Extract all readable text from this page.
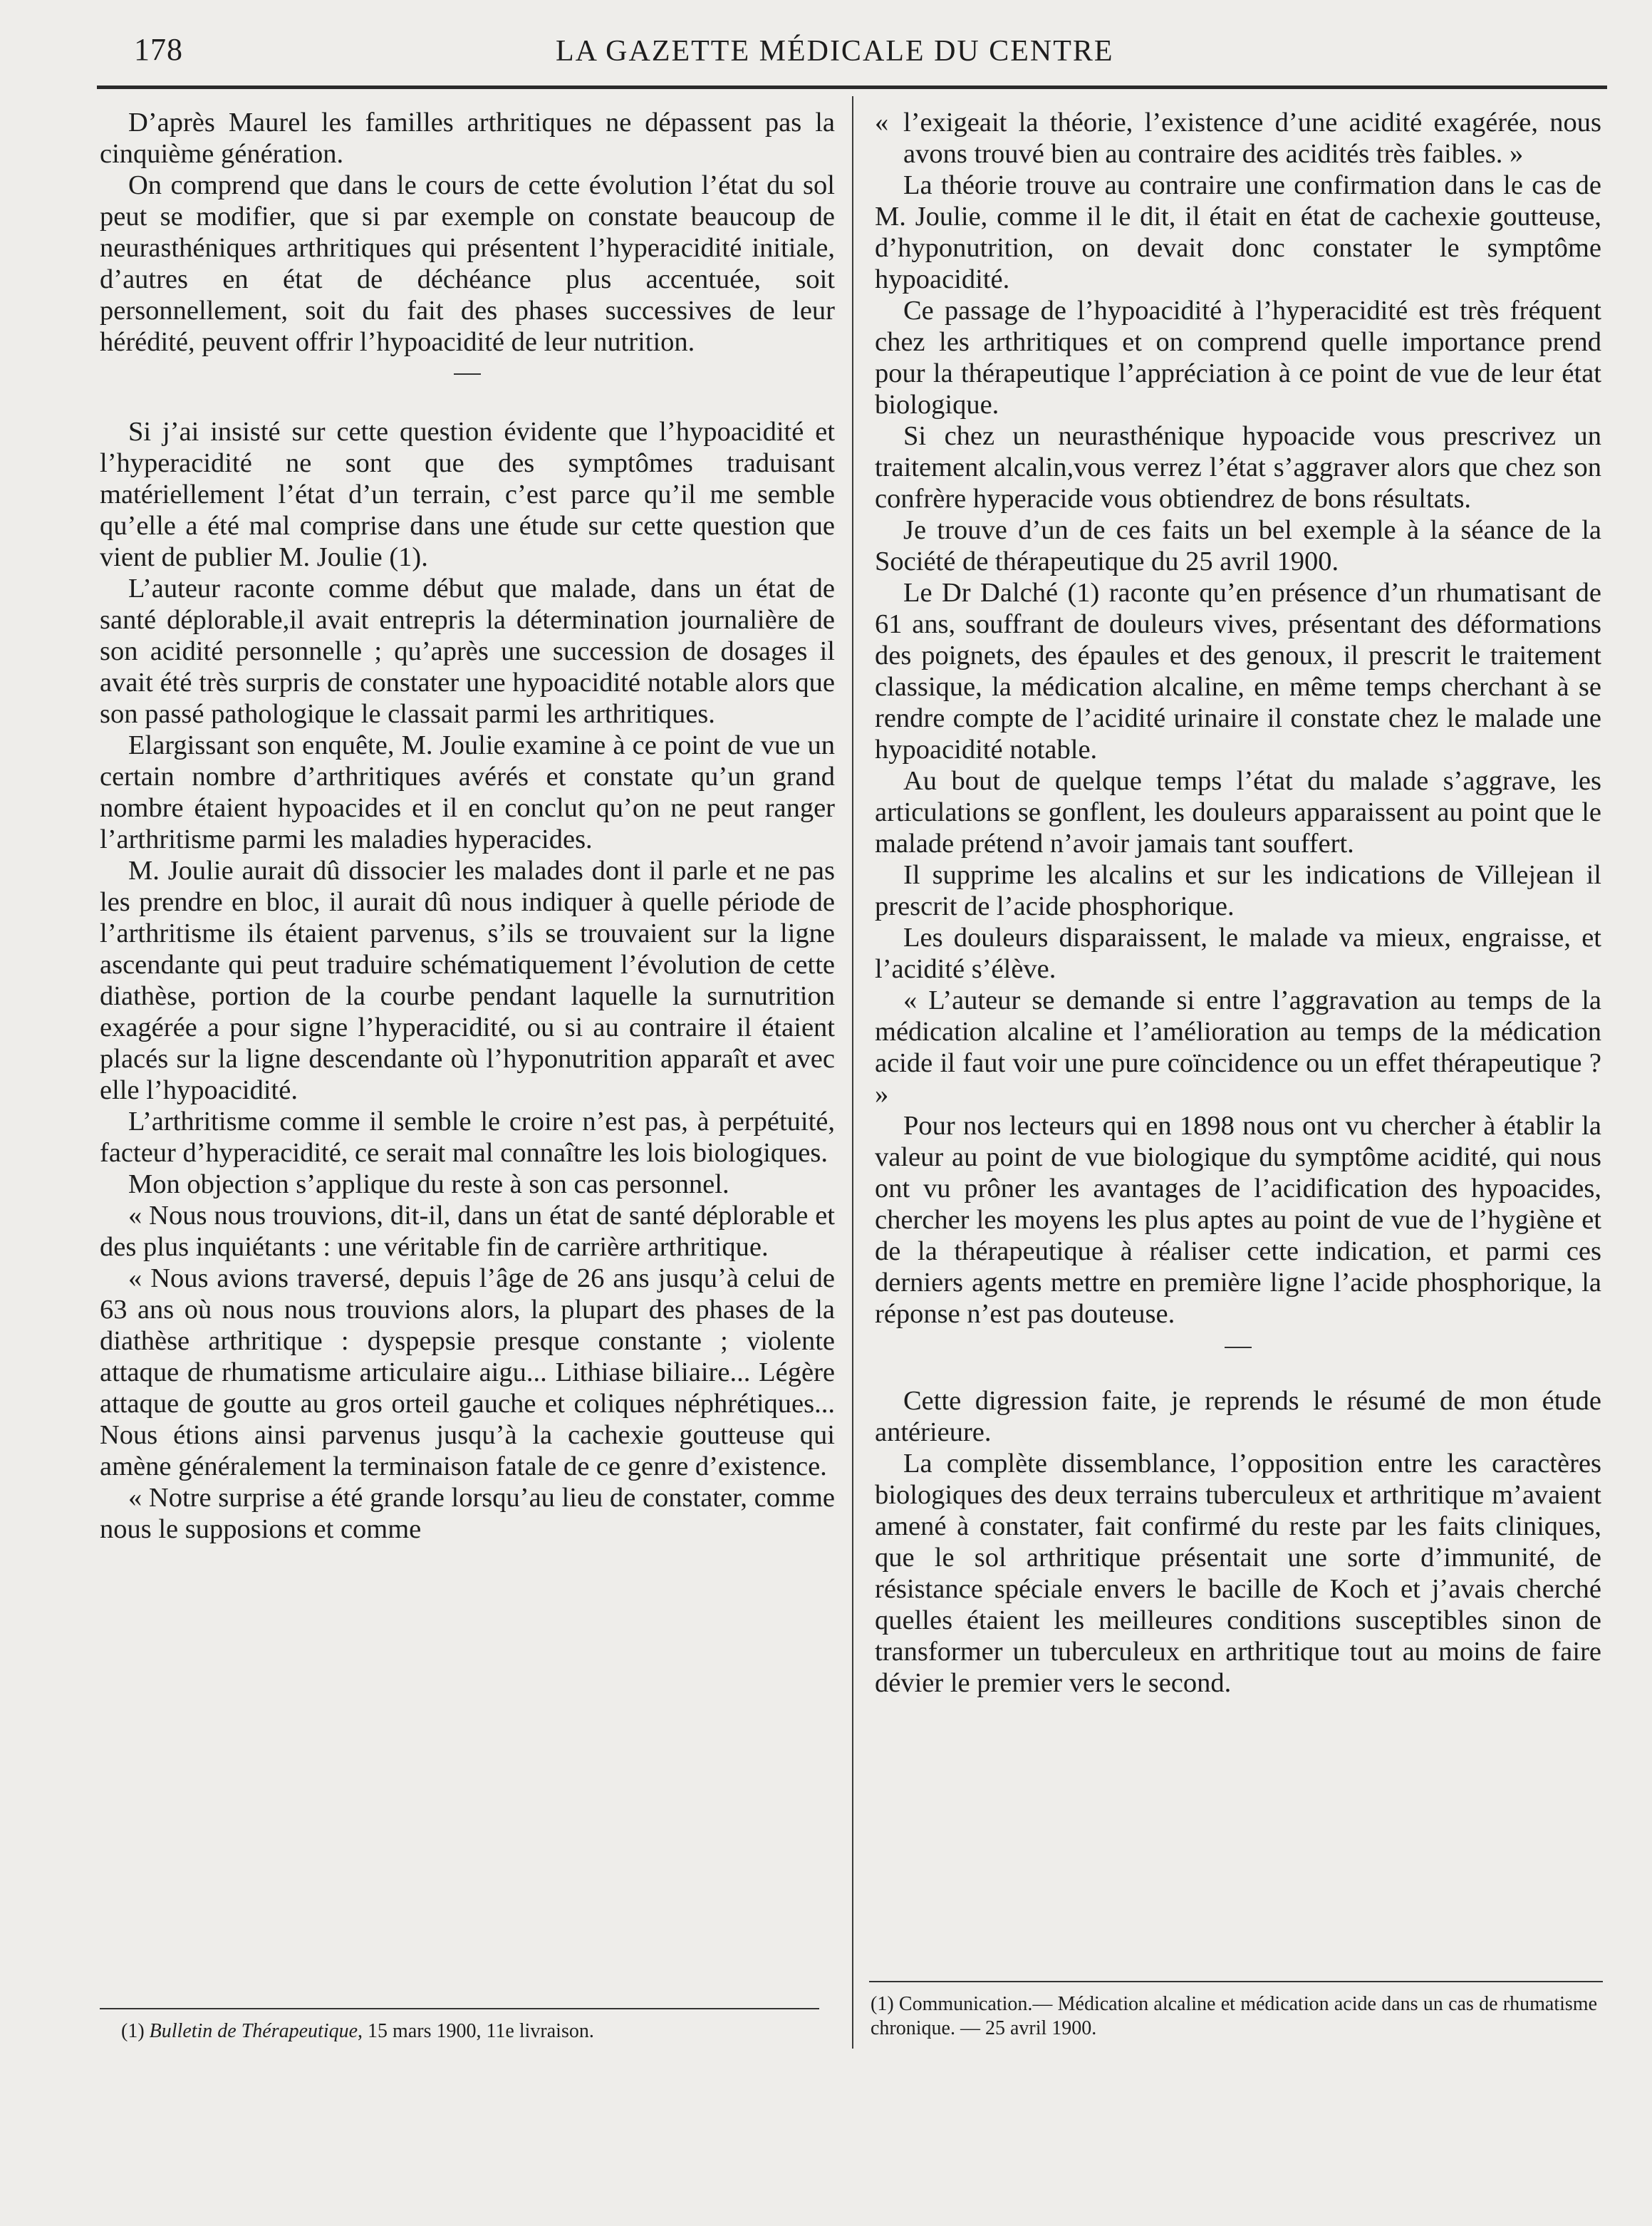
178	LA GAZETTE MÉDICALE DU CENTRE

D’après Maurel les familles arthritiques ne dépassent pas la cinquième génération.

On comprend que dans le cours de cette évolution l’état du sol peut se modifier, que si par exemple on constate beaucoup de neurasthéniques arthritiques qui présentent l’hyperacidité initiale, d’autres en état de déchéance plus accentuée, soit personnellement, soit du fait des phases successives de leur hérédité, peuvent offrir l’hypoacidité de leur nutrition.

Si j’ai insisté sur cette question évidente que l’hypoacidité et l’hyperacidité ne sont que des symptômes traduisant matériellement l’état d’un terrain, c’est parce qu’il me semble qu’elle a été mal comprise dans une étude sur cette question que vient de publier M. Joulie (1).

L’auteur raconte comme début que malade, dans un état de santé déplorable,il avait entrepris la détermination journalière de son acidité personnelle ; qu’après une succession de dosages il avait été très surpris de constater une hypoacidité notable alors que son passé pathologique le classait parmi les arthritiques.

Elargissant son enquête, M. Joulie examine à ce point de vue un certain nombre d’arthritiques avérés et constate qu’un grand nombre étaient hypoacides et il en conclut qu’on ne peut ranger l’arthritisme parmi les maladies hyperacides.

M. Joulie aurait dû dissocier les malades dont il parle et ne pas les prendre en bloc, il aurait dû nous indiquer à quelle période de l’arthritisme ils étaient parvenus, s’ils se trouvaient sur la ligne ascendante qui peut traduire schématiquement l’évolution de cette diathèse, portion de la courbe pendant laquelle la surnutrition exagérée a pour signe l’hyperacidité, ou si au contraire il étaient placés sur la ligne descendante où l’hyponutrition apparaît et avec elle l’hypoacidité.

L’arthritisme comme il semble le croire n’est pas, à perpétuité, facteur d’hyperacidité, ce serait mal connaître les lois biologiques.

Mon objection s’applique du reste à son cas personnel.

« Nous nous trouvions, dit-il, dans un état de santé déplorable et des plus inquiétants : une véritable fin de carrière arthritique.

« Nous avions traversé, depuis l’âge de 26 ans jusqu’à celui de 63 ans où nous nous trouvions alors, la plupart des phases de la diathèse arthritique : dyspepsie presque constante ; violente attaque de rhumatisme articulaire aigu... Lithiase biliaire... Légère attaque de goutte au gros orteil gauche et coliques néphrétiques... Nous étions ainsi parvenus jusqu’à la cachexie goutteuse qui amène généralement la terminaison fatale de ce genre d’existence.

« Notre surprise a été grande lorsqu’au lieu de constater, comme nous le supposions et comme

« l’exigeait la théorie, l’existence d’une acidité exagérée, nous avons trouvé bien au contraire des acidités très faibles. »

La théorie trouve au contraire une confirmation dans le cas de M. Joulie, comme il le dit, il était en état de cachexie goutteuse, d’hyponutrition, on devait donc constater le symptôme hypoacidité.

Ce passage de l’hypoacidité à l’hyperacidité est très fréquent chez les arthritiques et on comprend quelle importance prend pour la thérapeutique l’appréciation à ce point de vue de leur état biologique.

Si chez un neurasthénique hypoacide vous prescrivez un traitement alcalin,vous verrez l’état s’aggraver alors que chez son confrère hyperacide vous obtiendrez de bons résultats.

Je trouve d’un de ces faits un bel exemple à la séance de la Société de thérapeutique du 25 avril 1900.

Le Dr Dalché (1) raconte qu’en présence d’un rhumatisant de 61 ans, souffrant de douleurs vives, présentant des déformations des poignets, des épaules et des genoux, il prescrit le traitement classique, la médication alcaline, en même temps cherchant à se rendre compte de l’acidité urinaire il constate chez le malade une hypoacidité notable.

Au bout de quelque temps l’état du malade s’aggrave, les articulations se gonflent, les douleurs apparaissent au point que le malade prétend n’avoir jamais tant souffert.

Il supprime les alcalins et sur les indications de Villejean il prescrit de l’acide phosphorique.

Les douleurs disparaissent, le malade va mieux, engraisse, et l’acidité s’élève.

« L’auteur se demande si entre l’aggravation au temps de la médication alcaline et l’amélioration au temps de la médication acide il faut voir une pure coïncidence ou un effet thérapeutique ? »

Pour nos lecteurs qui en 1898 nous ont vu chercher à établir la valeur au point de vue biologique du symptôme acidité, qui nous ont vu prôner les avantages de l’acidification des hypoacides, chercher les moyens les plus aptes au point de vue de l’hygiène et de la thérapeutique à réaliser cette indication, et parmi ces derniers agents mettre en première ligne l’acide phosphorique, la réponse n’est pas douteuse.

Cette digression faite, je reprends le résumé de mon étude antérieure.

La complète dissemblance, l’opposition entre les caractères biologiques des deux terrains tuberculeux et arthritique m’avaient amené à constater, fait confirmé du reste par les faits cliniques, que le sol arthritique présentait une sorte d’immunité, de résistance spéciale envers le bacille de Koch et j’avais cherché quelles étaient les meilleures conditions susceptibles sinon de transformer un tuberculeux en arthritique tout au moins de faire dévier le premier vers le second.

(1) Bulletin de Thérapeutique, 15 mars 1900, 11e livraison.
(1) Communication.— Médication alcaline et médication acide dans un cas de rhumatisme chronique. — 25 avril 1900.
